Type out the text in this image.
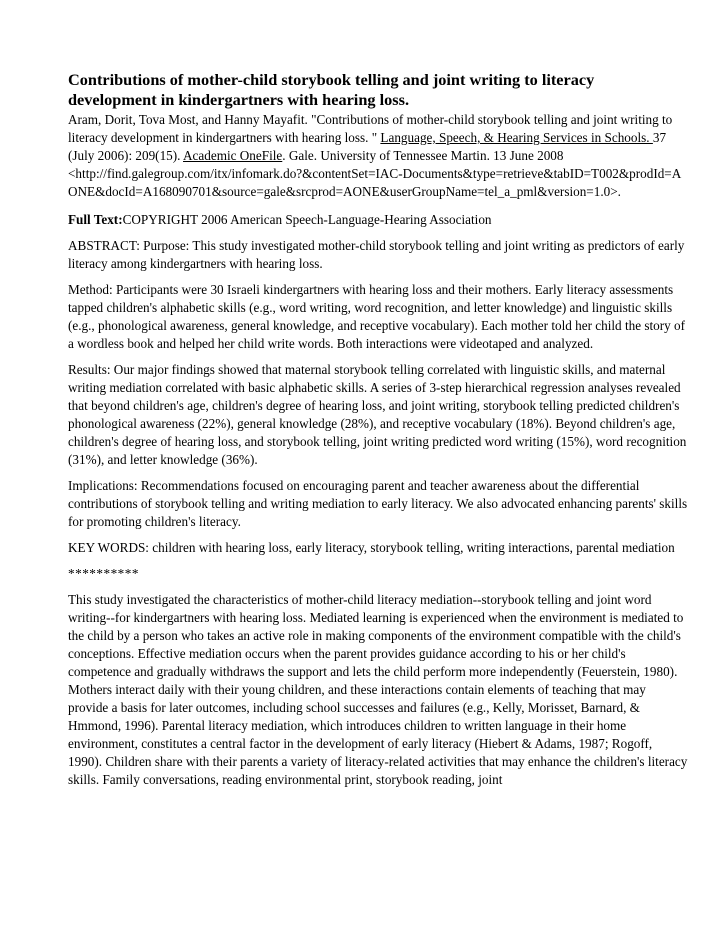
Contributions of mother-child storybook telling and joint writing to literacy
development in kindergartners with hearing loss.

Aram, Dorit, Tova Most, and Hanny Mayafit. "Contributions of mother-child storybook telling and joint writing to literacy development in kindergartners with hearing loss. " Language, Speech, & Hearing Services in Schools. 37 (July 2006): 209(15). Academic OneFile. Gale. University of Tennessee Martin. 13 June 2008
<http://find.galegroup.com/itx/infomark.do?&contentSet=IAC-Documents&type=retrieve&tabID=T002&prodId=AONE&docId=A168090701&source=gale&srcprod=AONE&userGroupName=tel_a_pml&version=1.0>.

Full Text:COPYRIGHT 2006 American Speech-Language-Hearing Association

ABSTRACT: Purpose: This study investigated mother-child storybook telling and joint writing as predictors of early literacy among kindergartners with hearing loss.

Method: Participants were 30 Israeli kindergartners with hearing loss and their mothers. Early literacy assessments tapped children's alphabetic skills (e.g., word writing, word recognition, and letter knowledge) and linguistic skills (e.g., phonological awareness, general knowledge, and receptive vocabulary). Each mother told her child the story of a wordless book and helped her child write words. Both interactions were videotaped and analyzed.

Results: Our major findings showed that maternal storybook telling correlated with linguistic skills, and maternal writing mediation correlated with basic alphabetic skills. A series of 3-step hierarchical regression analyses revealed that beyond children's age, children's degree of hearing loss, and joint writing, storybook telling predicted children's phonological awareness (22%), general knowledge (28%), and receptive vocabulary (18%). Beyond children's age, children's degree of hearing loss, and storybook telling, joint writing predicted word writing (15%), word recognition (31%), and letter knowledge (36%).

Implications: Recommendations focused on encouraging parent and teacher awareness about the differential contributions of storybook telling and writing mediation to early literacy. We also advocated enhancing parents' skills for promoting children's literacy.

KEY WORDS: children with hearing loss, early literacy, storybook telling, writing interactions, parental mediation

**********

This study investigated the characteristics of mother-child literacy mediation--storybook telling and joint word writing--for kindergartners with hearing loss. Mediated learning is experienced when the environment is mediated to the child by a person who takes an active role in making components of the environment compatible with the child's conceptions. Effective mediation occurs when the parent provides guidance according to his or her child's competence and gradually withdraws the support and lets the child perform more independently (Feuerstein, 1980). Mothers interact daily with their young children, and these interactions contain elements of teaching that may provide a basis for later outcomes, including school successes and failures (e.g., Kelly, Morisset, Barnard, & Hmmond, 1996). Parental literacy mediation, which introduces children to written language in their home environment, constitutes a central factor in the development of early literacy (Hiebert & Adams, 1987; Rogoff, 1990). Children share with their parents a variety of literacy-related activities that may enhance the children's literacy skills. Family conversations, reading environmental print, storybook reading, joint
